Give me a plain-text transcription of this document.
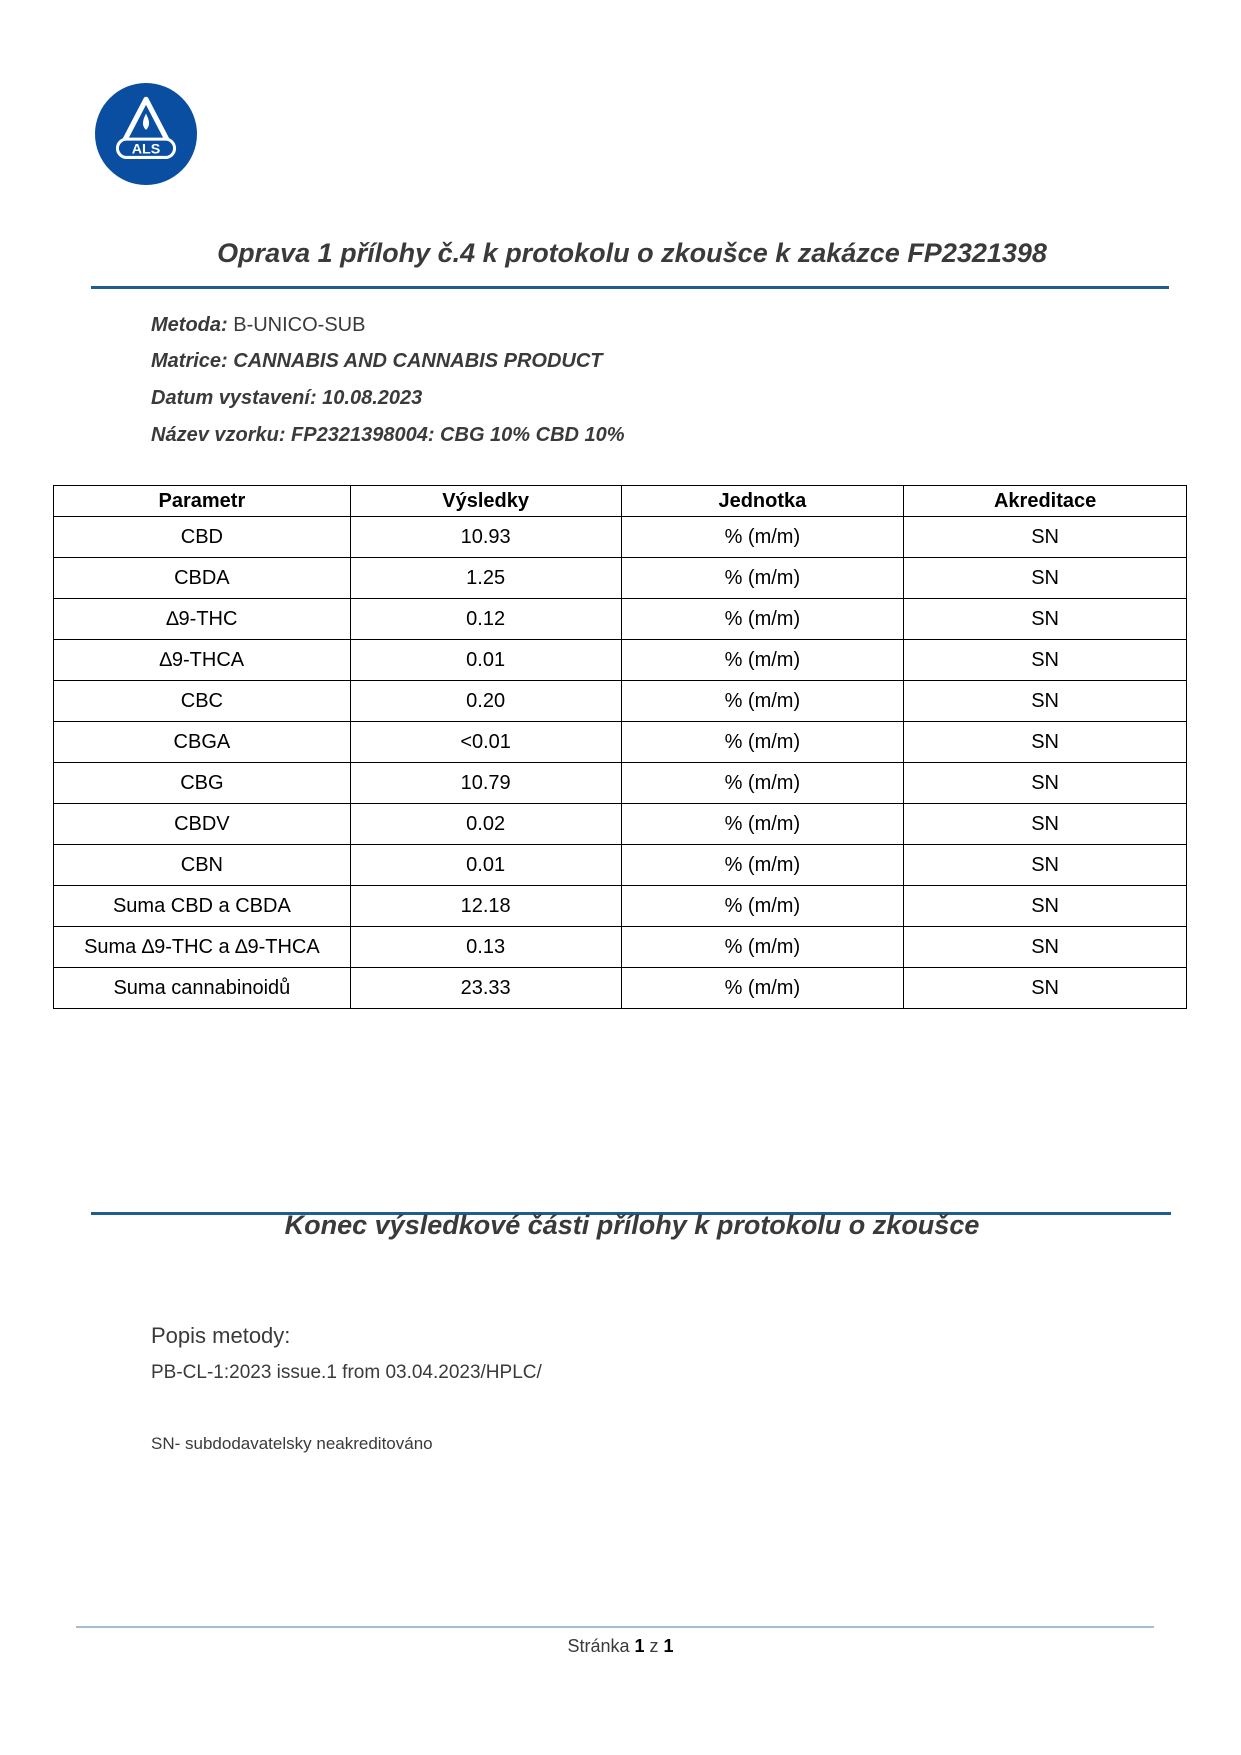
ALS
Oprava 1 přílohy č.4 k protokolu o zkoušce k zakázce FP2321398
Metoda: B-UNICO-SUB
Matrice: CANNABIS AND CANNABIS PRODUCT
Datum vystavení: 10.08.2023
Název vzorku: FP2321398004: CBG 10% CBD 10%
Parametr	Výsledky	Jednotka	Akreditace
CBD	10.93	% (m/m)	SN
CBDA	1.25	% (m/m)	SN
∆9-THC	0.12	% (m/m)	SN
∆9-THCA	0.01	% (m/m)	SN
CBC	0.20	% (m/m)	SN
CBGA	<0.01	% (m/m)	SN
CBG	10.79	% (m/m)	SN
CBDV	0.02	% (m/m)	SN
CBN	0.01	% (m/m)	SN
Suma CBD a CBDA	12.18	% (m/m)	SN
Suma ∆9-THC a ∆9-THCA	0.13	% (m/m)	SN
Suma cannabinoidů	23.33	% (m/m)	SN
Konec výsledkové části přílohy k protokolu o zkoušce
Popis metody:
PB-CL-1:2023 issue.1 from 03.04.2023/HPLC/
SN- subdodavatelsky neakreditováno
Stránka 1 z 1
